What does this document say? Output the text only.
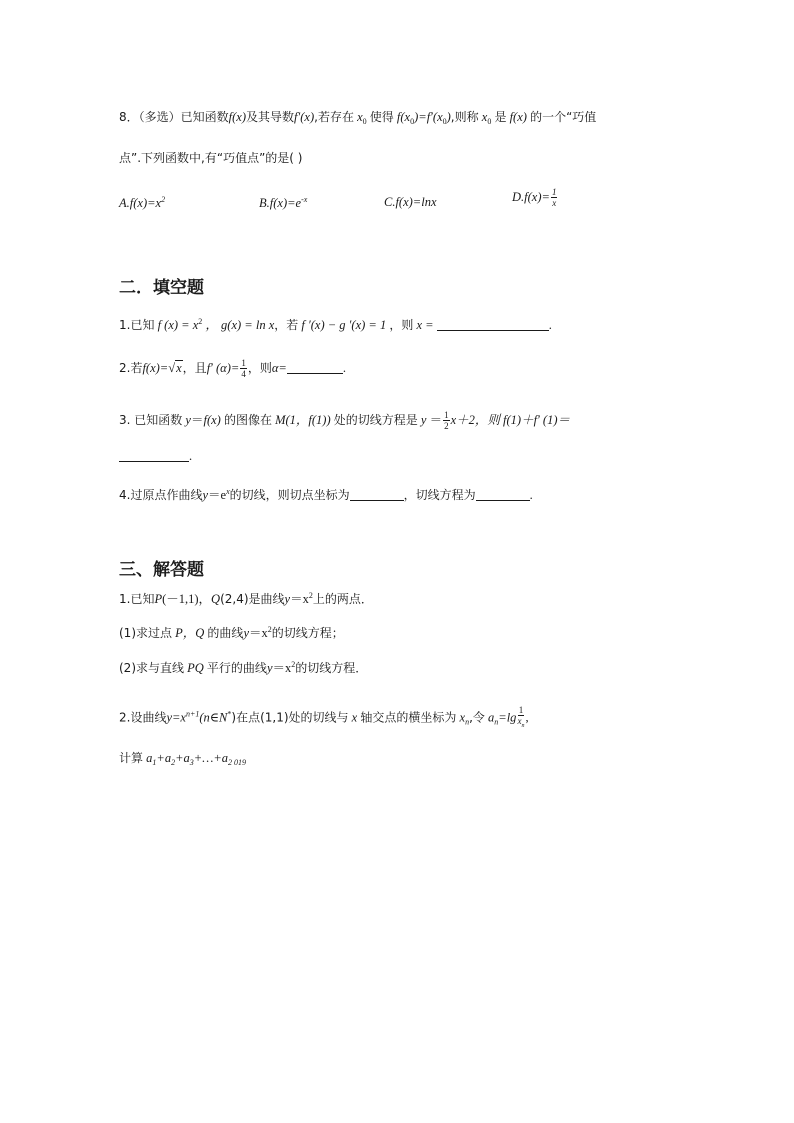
8．（多选）已知函数f(x)及其导数f′(x),若存在 $x_0$ 使得 $f(x_0)=f'(x_0)$,则称 $x_0$ 是 f(x) 的一个“巧值
点”.下列函数中,有“巧值点”的是( )
$A.f(x)=x^2$	$B.f(x)=e^{-x}$	C.f(x)=lnx	$D.f(x)= \frac{1}{x}$
二．填空题
1.已知 f $(x) = x^2$ ， g(x) = ln x，若 f ′(x) − g ′(x) = 1 ，则 x =	.
2.若f(x)=√x，且f′ $(\alpha)= \frac{1}{4}$ ，则α=	.
3. 已知函数 y＝f(x) 的图像在 M(1，f(1)) 处的切线方程是 $y = \frac{1}{2} x+2$，则 f(1)＋f′ (1)＝
.
4.过原点作曲线$y=e^x$的切线，则切点坐标为	，切线方程为	.
三、解答题
1.已知P(－1,1)，Q(2,4)是曲线$y=x^2$上的两点．
(1)求过点 P，Q 的曲线$y=x^2$的切线方程；
(2)求与直线 PQ 平行的曲线$y=x^2$的切线方程．
2.设曲线$y=x^{n+1}(n\in N^*)$在点(1,1)处的切线与 x 轴交点的横坐标为 $x_n$,令 $a_n=\lg \frac{1}{x_n}$ ,
计算 $a_1+a_2+a_3+\dots+a_{2 019}$
